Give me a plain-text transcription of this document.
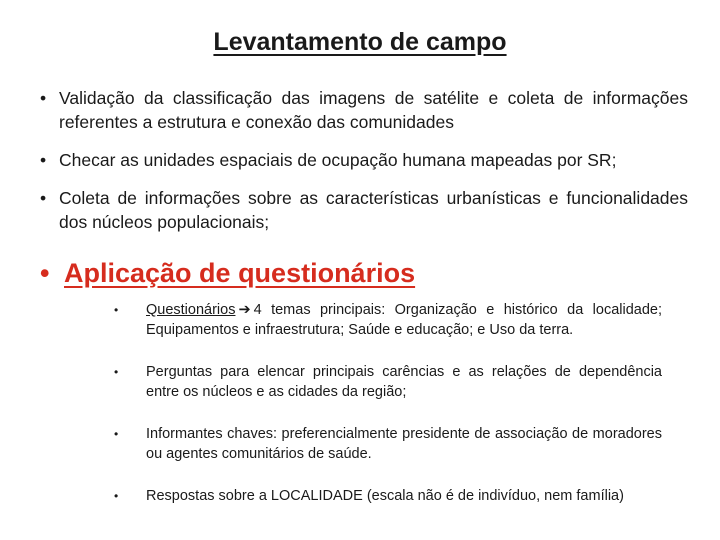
Levantamento de campo
• Validação da classificação das imagens de satélite e coleta de informações referentes a estrutura e conexão das comunidades
• Checar as unidades espaciais de ocupação humana mapeadas por SR;
• Coleta de informações sobre as características urbanísticas e funcionalidades dos núcleos populacionais;
• Aplicação de questionários
• Questionários ➔ 4 temas principais: Organização e histórico da localidade; Equipamentos e infraestrutura; Saúde e educação; e Uso da terra.
• Perguntas para elencar principais carências e as relações de dependência entre os núcleos e as cidades da região;
• Informantes chaves: preferencialmente presidente de associação de moradores ou agentes comunitários de saúde.
• Respostas sobre a LOCALIDADE (escala não é de indivíduo, nem família)
